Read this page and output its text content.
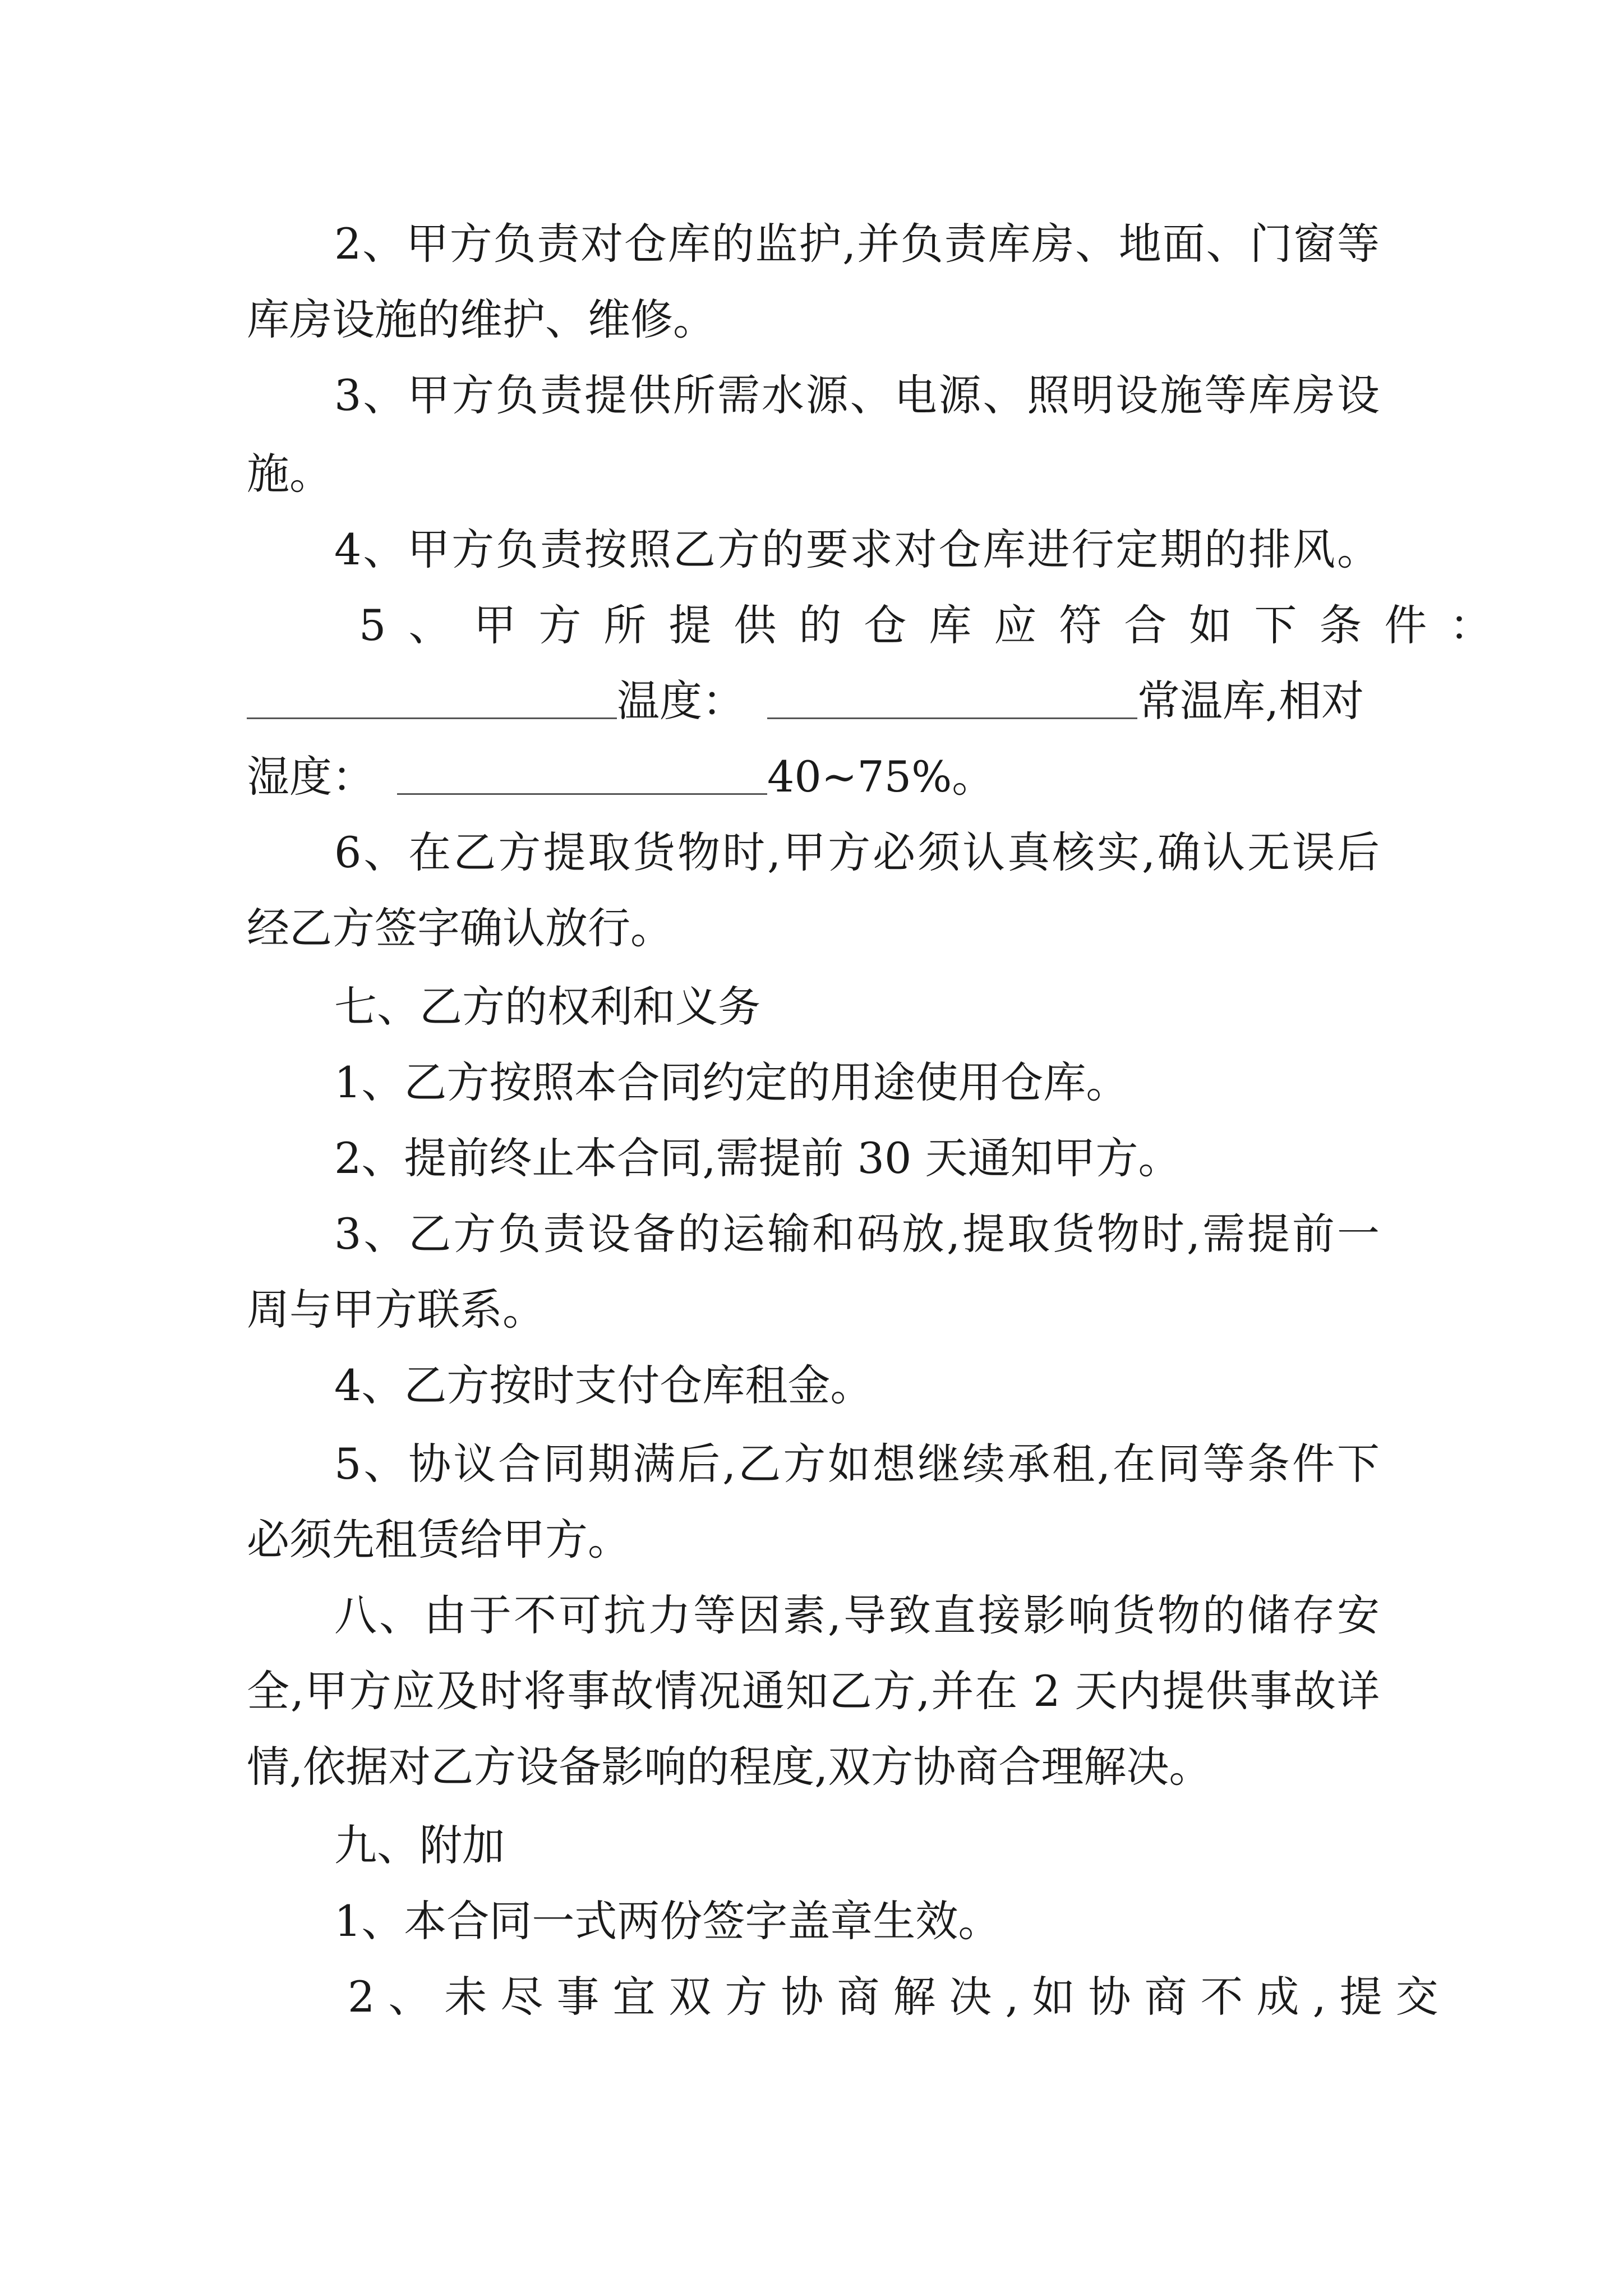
2、甲方负责对仓库的监护,并负责库房、地面、门窗等
库房设施的维护、维修。
3、甲方负责提供所需水源、电源、照明设施等库房设
施。
4、甲方负责按照乙方的要求对仓库进行定期的排风。
5、甲方所提供的仓库应符合如下条件：
温度：	常温库,相对
湿度：	40~75%。
6、在乙方提取货物时,甲方必须认真核实,确认无误后
经乙方签字确认放行。
七、乙方的权利和义务
1、乙方按照本合同约定的用途使用仓库。
2、提前终止本合同,需提前 30 天通知甲方。
3、乙方负责设备的运输和码放,提取货物时,需提前一
周与甲方联系。
4、乙方按时支付仓库租金。
5、协议合同期满后,乙方如想继续承租,在同等条件下
必须先租赁给甲方。
八、由于不可抗力等因素,导致直接影响货物的储存安
全,甲方应及时将事故情况通知乙方,并在 2 天内提供事故详
情,依据对乙方设备影响的程度,双方协商合理解决。
九、附加
1、本合同一式两份签字盖章生效。
2、未尽事宜双方协商解决,如协商不成,提交
